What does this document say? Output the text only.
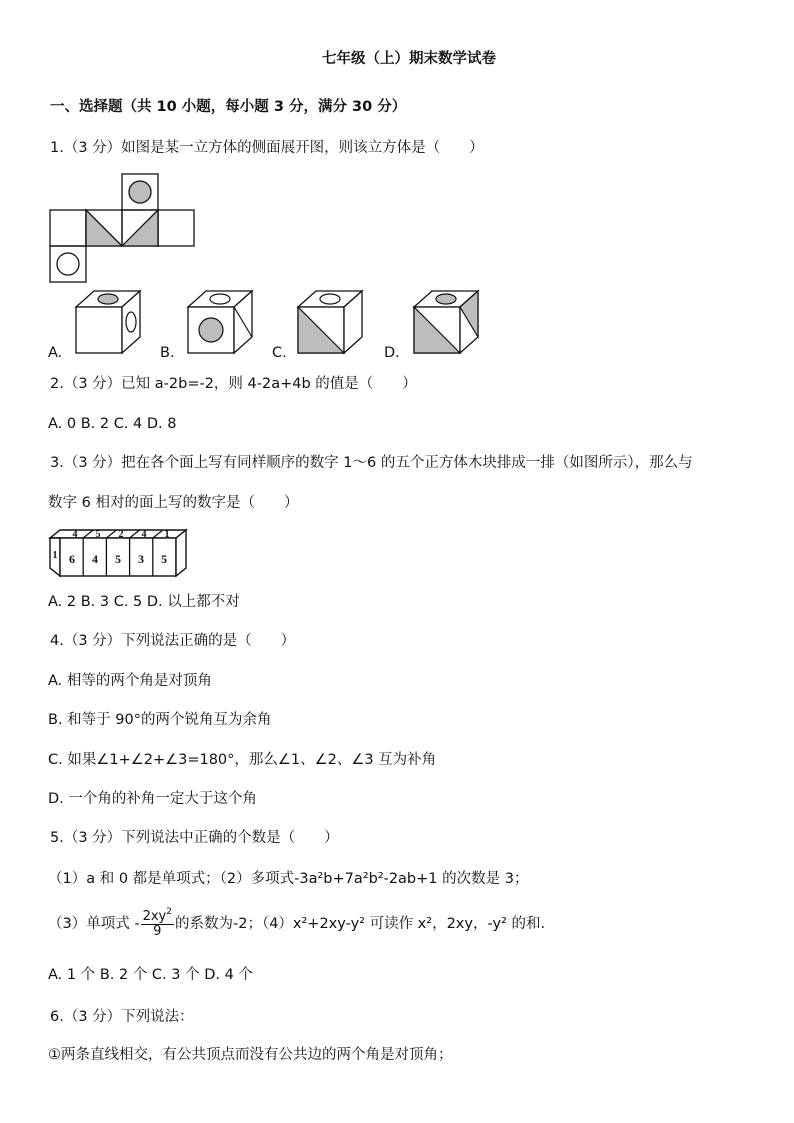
七年级（上）期末数学试卷
一、选择题（共 10 小题，每小题 3 分，满分 30 分）
1.（3 分）如图是某一立方体的侧面展开图，则该立方体是（　　）
A.	B.	C.	D.
2.（3 分）已知 a-2b=-2，则 4-2a+4b 的值是（　　）
A. 0 B. 2 C. 4 D. 8
3.（3 分）把在各个面上写有同样顺序的数字 1～6 的五个正方体木块排成一排（如图所示），那么与
数字 6 相对的面上写的数字是（　　）
4 5 2 4 1
1 6 4 5 3 5
A. 2 B. 3 C. 5 D. 以上都不对
4.（3 分）下列说法正确的是（　　）
A. 相等的两个角是对顶角
B. 和等于 90°的两个锐角互为余角
C. 如果∠1+∠2+∠3=180°，那么∠1、∠2、∠3 互为补角
D. 一个角的补角一定大于这个角
5.（3 分）下列说法中正确的个数是（　　）
（1）a 和 0 都是单项式；（2）多项式-3a²b+7a²b²-2ab+1 的次数是 3；
（3）单项式 - $\frac{2xy^2}{9}$ 的系数为-2；（4）x²+2xy-y² 可读作 x²，2xy，-y² 的和.
A. 1 个 B. 2 个 C. 3 个 D. 4 个
6.（3 分）下列说法：
①两条直线相交，有公共顶点而没有公共边的两个角是对顶角；
